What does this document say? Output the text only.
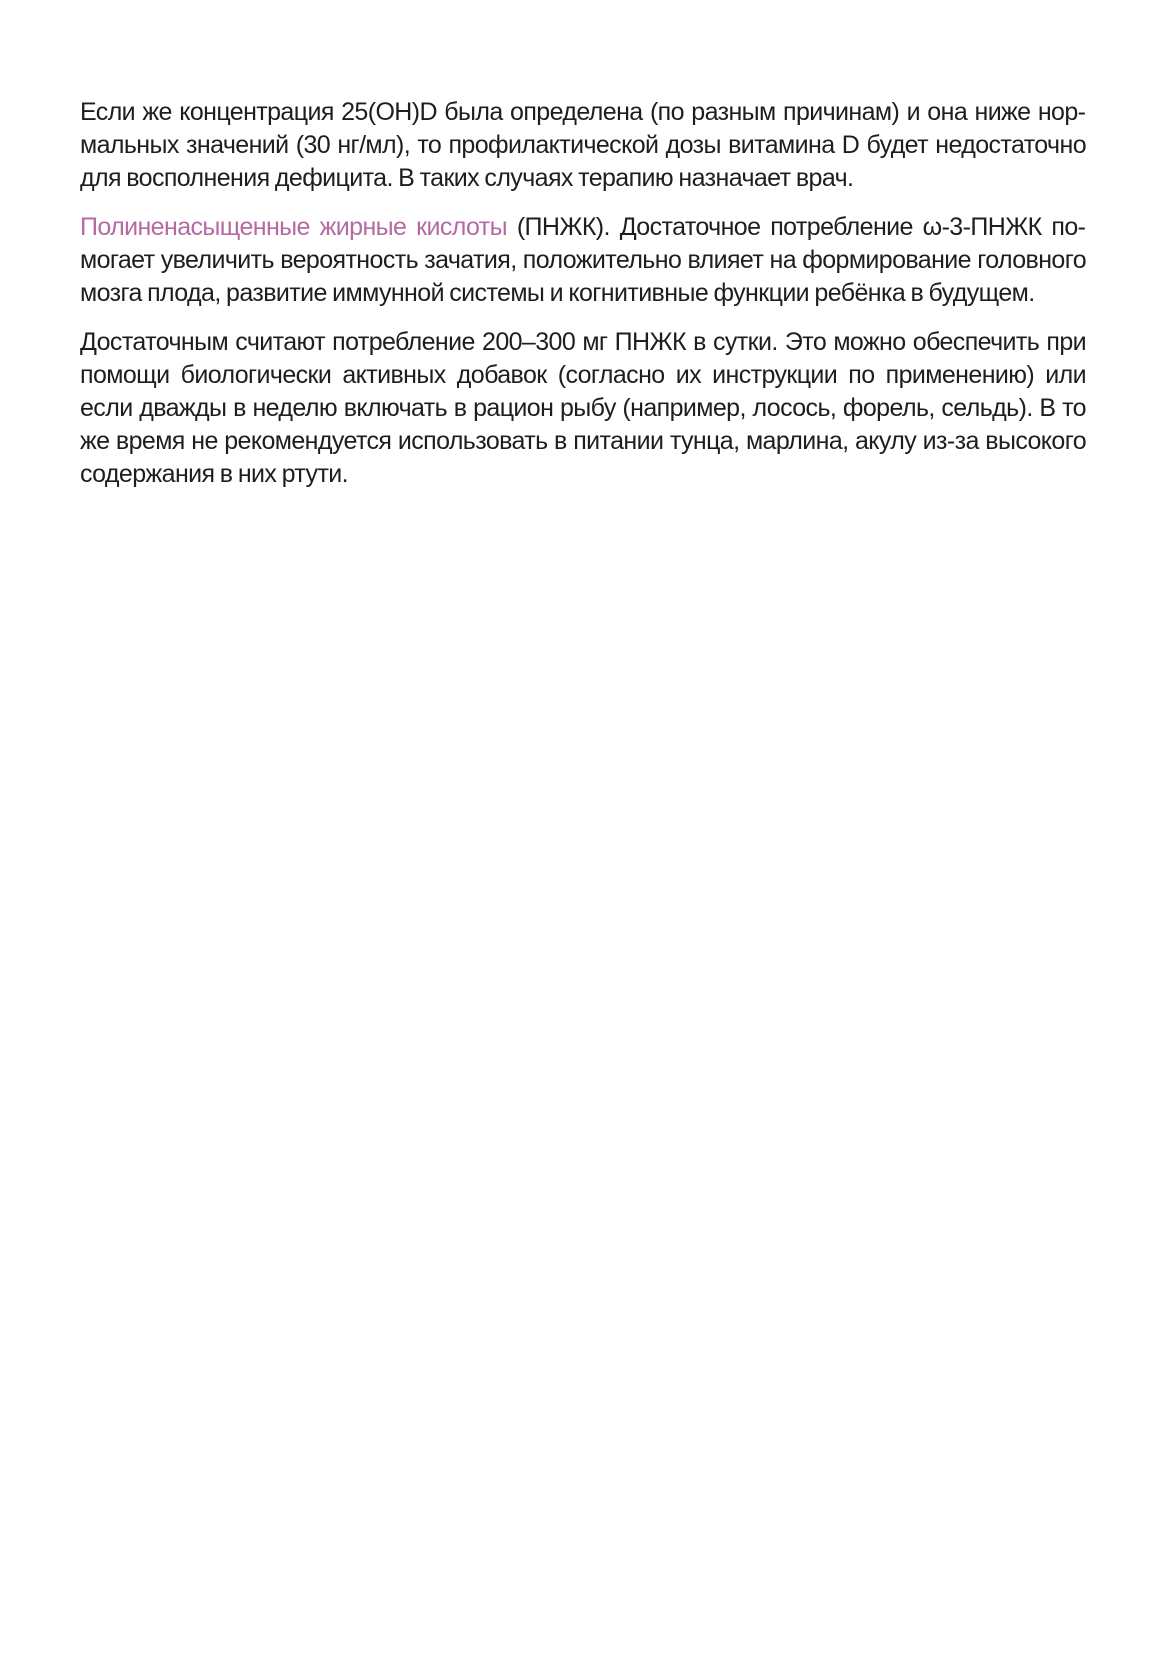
Если же концентрация 25(OH)D была определена (по разным причинам) и она ниже нормальных значений (30 нг/мл), то профилактической дозы витамина D будет недостаточно для восполнения дефицита. В таких случаях терапию назначает врач.

Полиненасыщенные жирные кислоты (ПНЖК). Достаточное потребление ω-3-ПНЖК помогает увеличить вероятность зачатия, положительно влияет на формирование головного мозга плода, развитие иммунной системы и когнитивные функции ребёнка в будущем.

Достаточным считают потребление 200–300 мг ПНЖК в сутки. Это можно обеспечить при помощи биологически активных добавок (согласно их инструкции по применению) или если дважды в неделю включать в рацион рыбу (например, лосось, форель, сельдь). В то же время не рекомендуется использовать в питании тунца, марлина, акулу из-за высокого содержания в них ртути.
